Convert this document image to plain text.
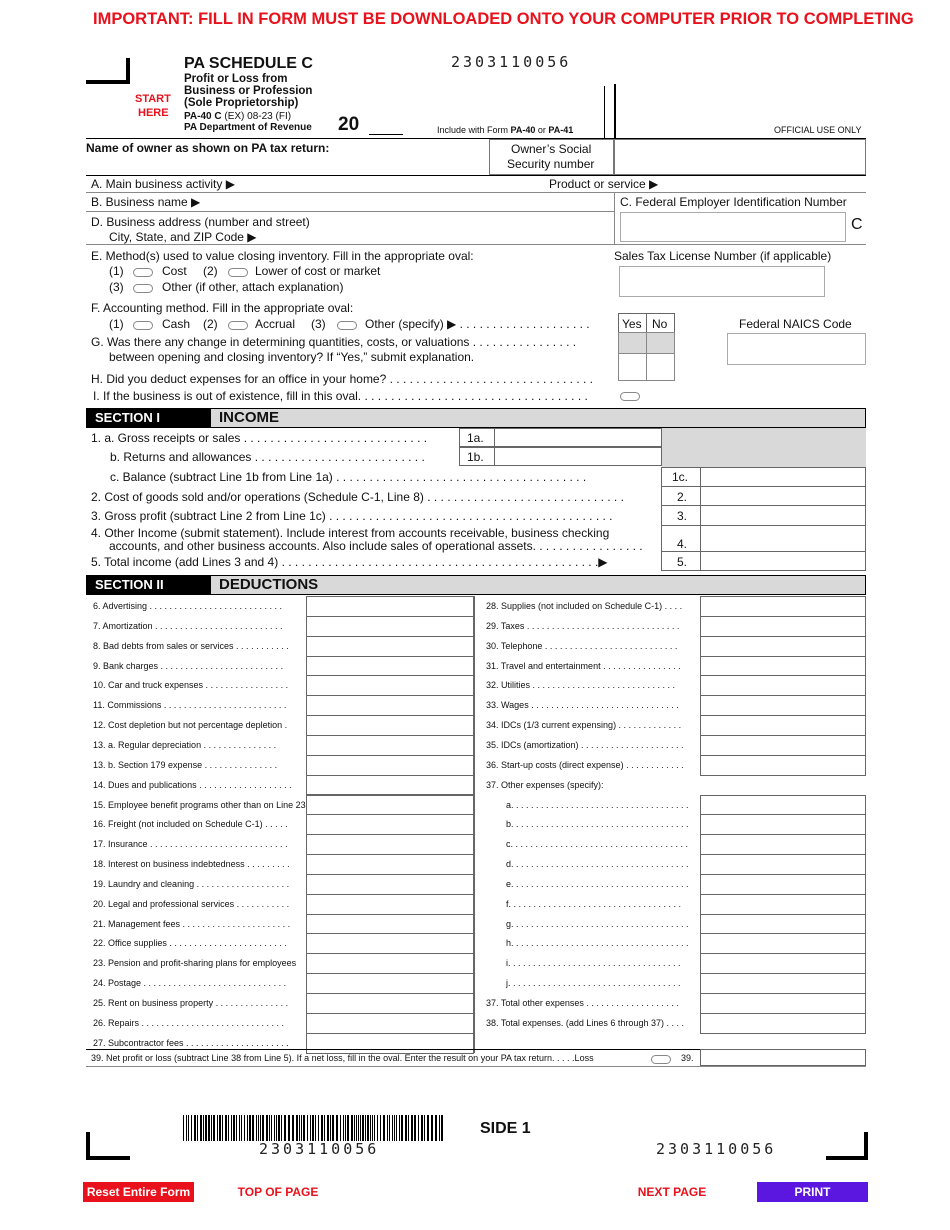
IMPORTANT: FILL IN FORM MUST BE DOWNLOADED ONTO YOUR COMPUTER PRIOR TO COMPLETING
START
HERE
PA SCHEDULE C
Profit or Loss from
Business or Profession
(Sole Proprietorship)
PA-40 C (EX) 08-23 (FI)
PA Department of Revenue 20
2303110056
Include with Form PA-40 or PA-41	OFFICIAL USE ONLY
Name of owner as shown on PA tax return:	Owner’s Social
Security number
A. Main business activity ▶	Product or service ▶
B. Business name ▶	C. Federal Employer Identification Number
C
D. Business address (number and street)
City, State, and ZIP Code ▶
E. Method(s) used to value closing inventory. Fill in the appropriate oval:
(1)	Cost (2)	Lower of cost or market
(3)	Other (if other, attach explanation)
Sales Tax License Number (if applicable)
F. Accounting method. Fill in the appropriate oval:
(1)	Cash (2)	Accrual (3)	Other (specify) ▶ . . . . . . . . . . . . . . . . . . . .	Yes No	Federal NAICS Code
G. Was there any change in determining quantities, costs, or valuations . . . . . . . . . . . . . . . .
between opening and closing inventory? If “Yes,” submit explanation.
H. Did you deduct expenses for an office in your home? . . . . . . . . . . . . . . . . . . . . . . . . . . . . . . .
I. If the business is out of existence, fill in this oval. . . . . . . . . . . . . . . . . . . . . . . . . . . . . . . . . . .
SECTION I	INCOME
1. a. Gross receipts or sales . . . . . . . . . . . . . . . . . . . . . . . . . . . .	1a.
b. Returns and allowances . . . . . . . . . . . . . . . . . . . . . . . . . .	1b.
c. Balance (subtract Line 1b from Line 1a) . . . . . . . . . . . . . . . . . . . . . . . . . . . . . . . . . . . . . .	1c.
2. Cost of goods sold and/or operations (Schedule C-1, Line 8) . . . . . . . . . . . . . . . . . . . . . . . . . . . . . .	2.
3. Gross profit (subtract Line 2 from Line 1c) . . . . . . . . . . . . . . . . . . . . . . . . . . . . . . . . . . . . . . . . . . .	3.
4. Other Income (submit statement). Include interest from accounts receivable, business checking
accounts, and other business accounts. Also include sales of operational assets. . . . . . . . . . . . . . . . .	4.
5. Total income (add Lines 3 and 4) . . . . . . . . . . . . . . . . . . . . . . . . . . . . . . . . . . . . . . . . . . . . . . . .▶	5.
SECTION II	DEDUCTIONS
6. Advertising . . . . . . . . . . . . . . . . . . . . . . . . . . .
7. Amortization . . . . . . . . . . . . . . . . . . . . . . . . . .
8. Bad debts from sales or services . . . . . . . . . . .
9. Bank charges . . . . . . . . . . . . . . . . . . . . . . . . .
10. Car and truck expenses . . . . . . . . . . . . . . . . .
11. Commissions . . . . . . . . . . . . . . . . . . . . . . . . .
12. Cost depletion but not percentage depletion .
13. a. Regular depreciation . . . . . . . . . . . . . . .
13. b. Section 179 expense . . . . . . . . . . . . . . .
14. Dues and publications . . . . . . . . . . . . . . . . . . .
15. Employee benefit programs other than on Line 23
16. Freight (not included on Schedule C-1) . . . . .
17. Insurance . . . . . . . . . . . . . . . . . . . . . . . . . . . .
18. Interest on business indebtedness . . . . . . . . .
19. Laundry and cleaning . . . . . . . . . . . . . . . . . . .
20. Legal and professional services . . . . . . . . . . .
21. Management fees . . . . . . . . . . . . . . . . . . . . . .
22. Office supplies . . . . . . . . . . . . . . . . . . . . . . . .
23. Pension and profit-sharing plans for employees
24. Postage . . . . . . . . . . . . . . . . . . . . . . . . . . . . .
25. Rent on business property . . . . . . . . . . . . . . .
26. Repairs . . . . . . . . . . . . . . . . . . . . . . . . . . . . .
27. Subcontractor fees . . . . . . . . . . . . . . . . . . . . .
28. Supplies (not included on Schedule C-1) . . . .
29. Taxes . . . . . . . . . . . . . . . . . . . . . . . . . . . . . . .
30. Telephone . . . . . . . . . . . . . . . . . . . . . . . . . . .
31. Travel and entertainment . . . . . . . . . . . . . . . .
32. Utilities . . . . . . . . . . . . . . . . . . . . . . . . . . . . .
33. Wages . . . . . . . . . . . . . . . . . . . . . . . . . . . . . .
34. IDCs (1/3 current expensing) . . . . . . . . . . . . .
35. IDCs (amortization) . . . . . . . . . . . . . . . . . . . . .
36. Start-up costs (direct expense) . . . . . . . . . . . .
37. Other expenses (specify):
a. . . . . . . . . . . . . . . . . . . . . . . . . . . . . . . . . . . .
b. . . . . . . . . . . . . . . . . . . . . . . . . . . . . . . . . . . .
c. . . . . . . . . . . . . . . . . . . . . . . . . . . . . . . . . . . .
d. . . . . . . . . . . . . . . . . . . . . . . . . . . . . . . . . . . .
e. . . . . . . . . . . . . . . . . . . . . . . . . . . . . . . . . . . .
f. . . . . . . . . . . . . . . . . . . . . . . . . . . . . . . . . . .
g. . . . . . . . . . . . . . . . . . . . . . . . . . . . . . . . . . . .
h. . . . . . . . . . . . . . . . . . . . . . . . . . . . . . . . . . . .
i. . . . . . . . . . . . . . . . . . . . . . . . . . . . . . . . . . .
j. . . . . . . . . . . . . . . . . . . . . . . . . . . . . . . . . . .
37. Total other expenses . . . . . . . . . . . . . . . . . . .
38. Total expenses. (add Lines 6 through 37) . . . .
39. Net profit or loss (subtract Line 38 from Line 5). If a net loss, fill in the oval. Enter the result on your PA tax return. . . . .Loss	39.
2303110056
SIDE 1
2303110056
Reset Entire Form	TOP OF PAGE	NEXT PAGE	PRINT
